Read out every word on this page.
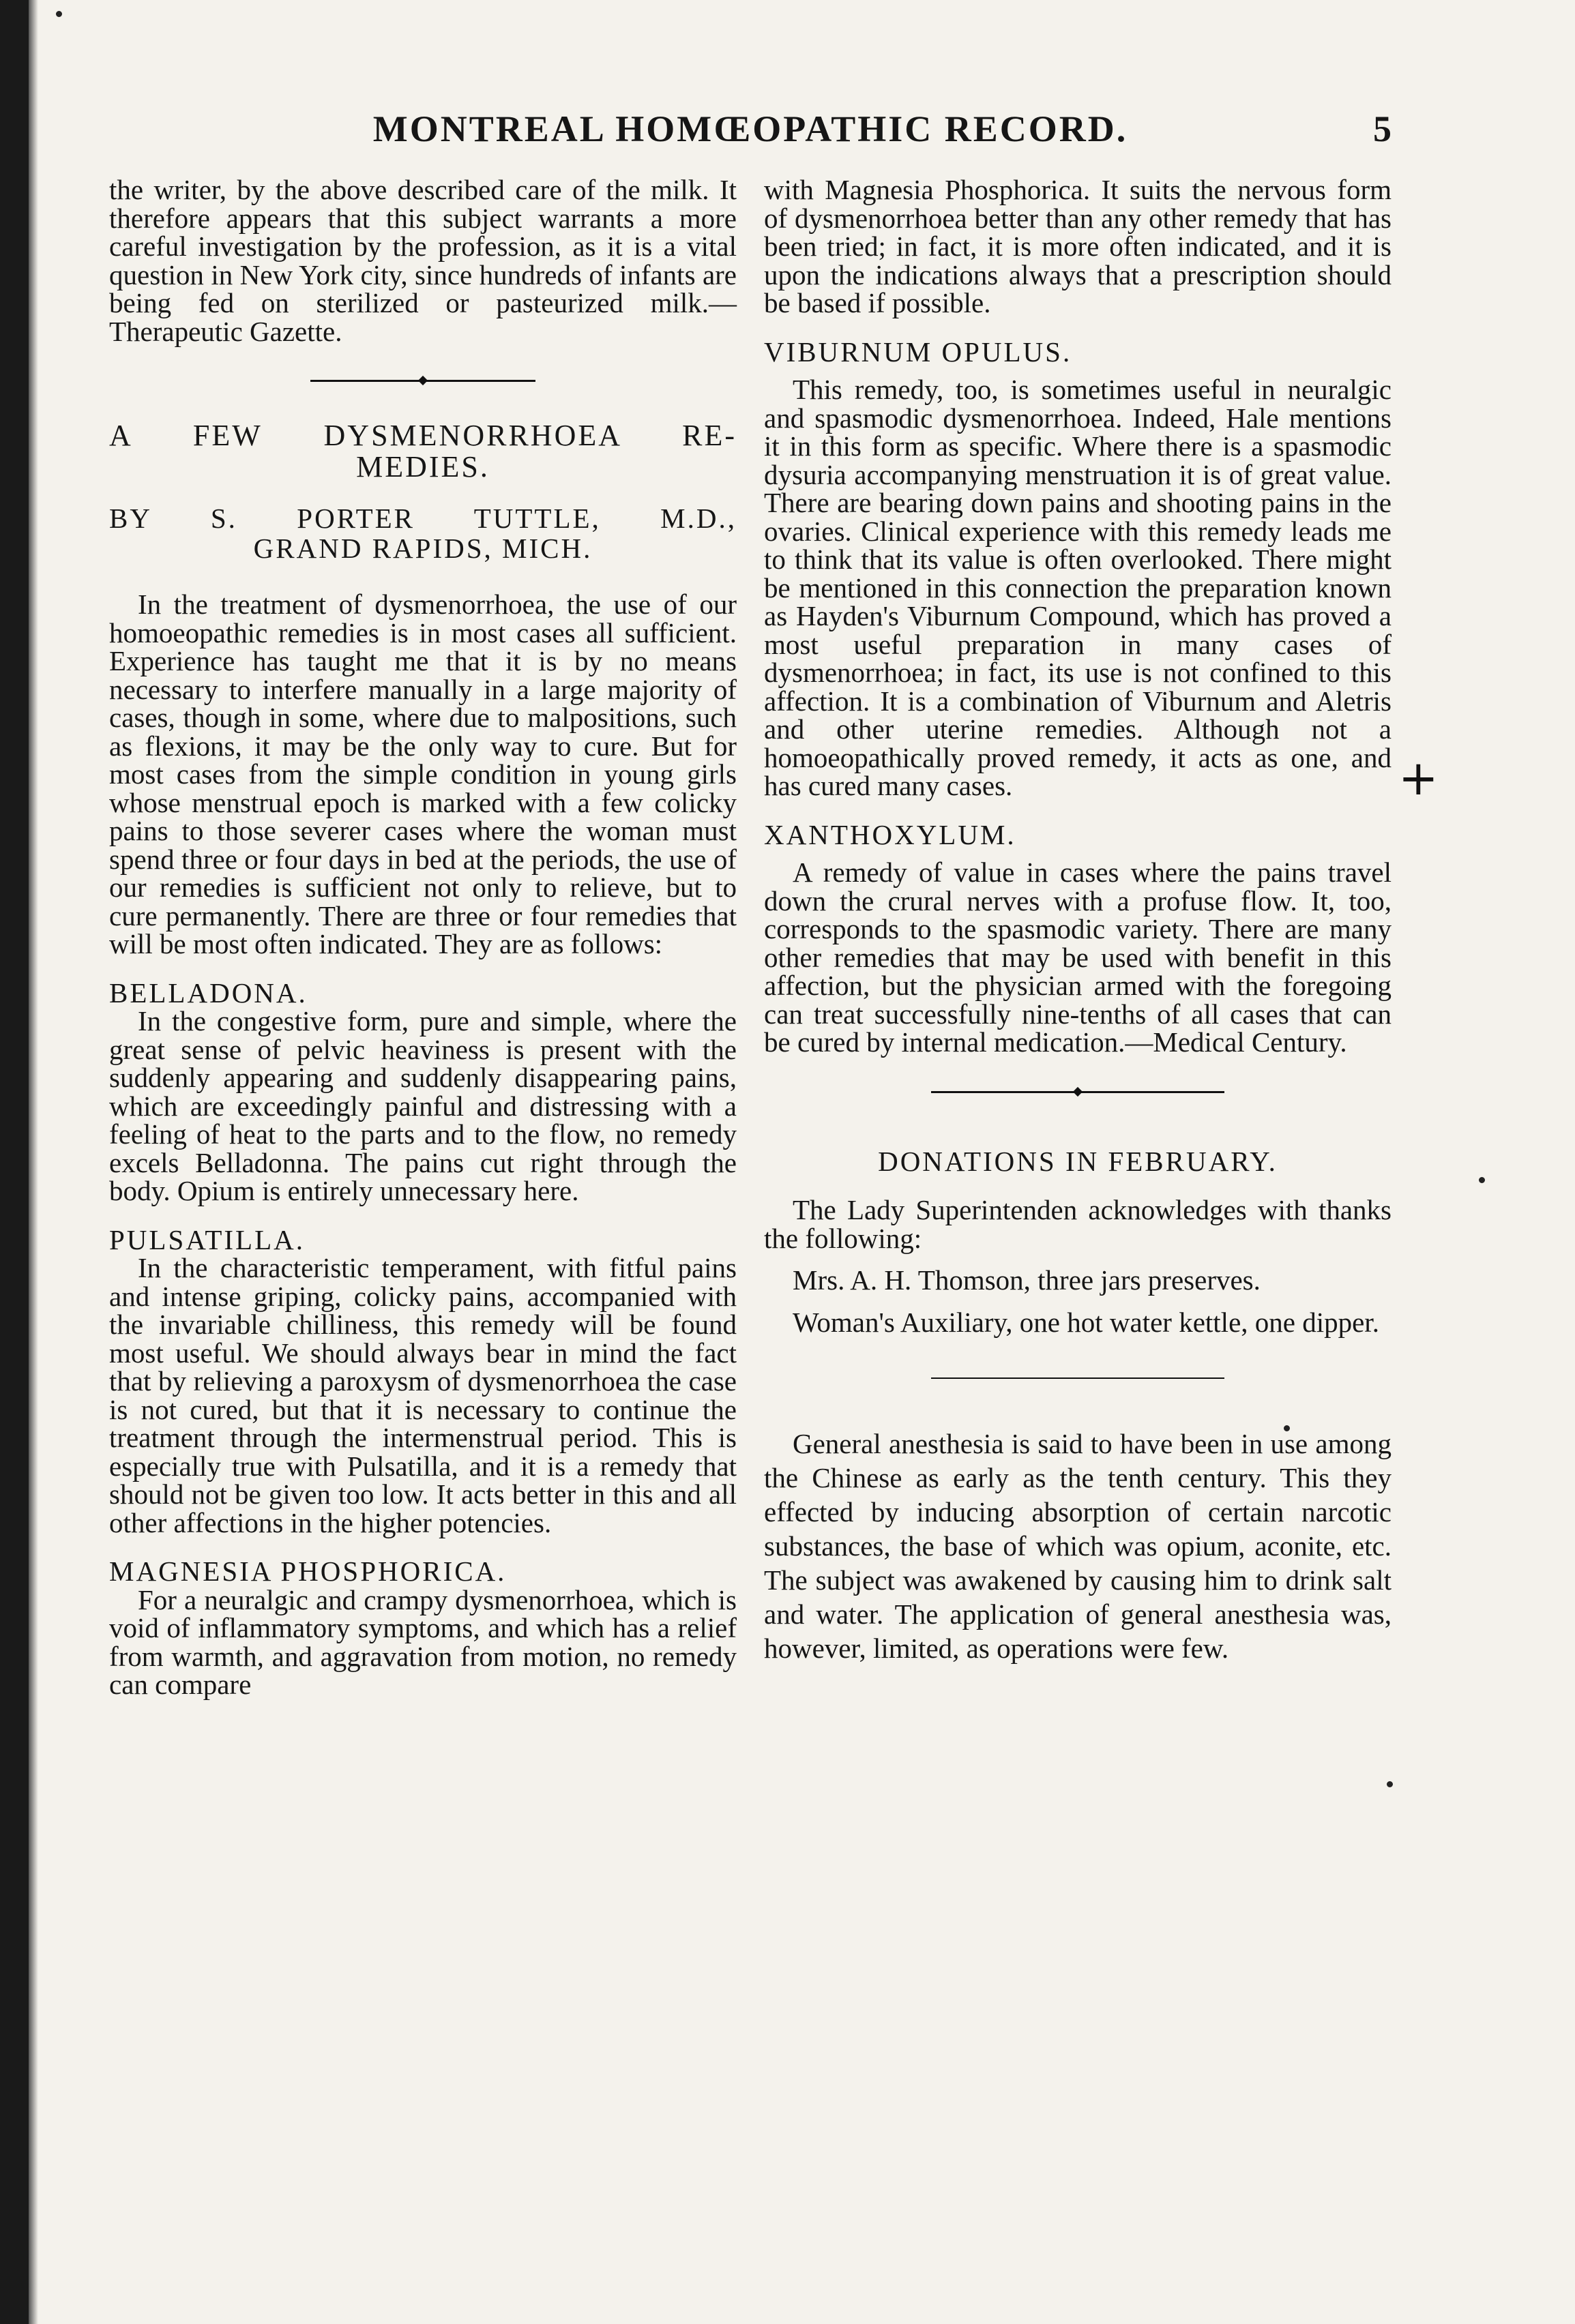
MONTREAL HOMŒOPATHIC RECORD.	5

the writer, by the above described care of the milk. It therefore appears that this subject warrants a more careful investigation by the profession, as it is a vital question in New York city, since hundreds of infants are being fed on sterilized or pasteurized milk.—Therapeutic Gazette.

A FEW DYSMENORRHOEA RE-
MEDIES.
BY S. PORTER TUTTLE, M.D.,
GRAND RAPIDS, MICH.

In the treatment of dysmenorrhoea, the use of our homoeopathic remedies is in most cases all sufficient. Experience has taught me that it is by no means necessary to interfere manually in a large majority of cases, though in some, where due to malpositions, such as flexions, it may be the only way to cure. But for most cases from the simple condition in young girls whose menstrual epoch is marked with a few colicky pains to those severer cases where the woman must spend three or four days in bed at the periods, the use of our remedies is sufficient not only to relieve, but to cure permanently. There are three or four remedies that will be most often indicated. They are as follows:

BELLADONA.

In the congestive form, pure and simple, where the great sense of pelvic heaviness is present with the suddenly appearing and suddenly disappearing pains, which are exceedingly painful and distressing with a feeling of heat to the parts and to the flow, no remedy excels Belladonna. The pains cut right through the body. Opium is entirely unnecessary here.

PULSATILLA.

In the characteristic temperament, with fitful pains and intense griping, colicky pains, accompanied with the invariable chilliness, this remedy will be found most useful. We should always bear in mind the fact that by relieving a paroxysm of dysmenorrhoea the case is not cured, but that it is necessary to continue the treatment through the intermenstrual period. This is especially true with Pulsatilla, and it is a remedy that should not be given too low. It acts better in this and all other affections in the higher potencies.

MAGNESIA PHOSPHORICA.

For a neuralgic and crampy dysmenorrhoea, which is void of inflammatory symptoms, and which has a relief from warmth, and aggravation from motion, no remedy can compare

with Magnesia Phosphorica. It suits the nervous form of dysmenorrhoea better than any other remedy that has been tried; in fact, it is more often indicated, and it is upon the indications always that a prescription should be based if possible.

VIBURNUM OPULUS.

This remedy, too, is sometimes useful in neuralgic and spasmodic dysmenorrhoea. Indeed, Hale mentions it in this form as specific. Where there is a spasmodic dysuria accompanying menstruation it is of great value. There are bearing down pains and shooting pains in the ovaries. Clinical experience with this remedy leads me to think that its value is often overlooked. There might be mentioned in this connection the preparation known as Hayden's Viburnum Compound, which has proved a most useful preparation in many cases of dysmenorrhoea; in fact, its use is not confined to this affection. It is a combination of Viburnum and Aletris and other uterine remedies. Although not a homoeopathically proved remedy, it acts as one, and has cured many cases.

XANTHOXYLUM.

A remedy of value in cases where the pains travel down the crural nerves with a profuse flow. It, too, corresponds to the spasmodic variety. There are many other remedies that may be used with benefit in this affection, but the physician armed with the foregoing can treat successfully nine-tenths of all cases that can be cured by internal medication.—Medical Century.

DONATIONS IN FEBRUARY.

The Lady Superintenden acknowledges with thanks the following:

Mrs. A. H. Thomson, three jars preserves.

Woman's Auxiliary, one hot water kettle, one dipper.

General anesthesia is said to have been in use among the Chinese as early as the tenth century. This they effected by inducing absorption of certain narcotic substances, the base of which was opium, aconite, etc. The subject was awakened by causing him to drink salt and water. The application of general anesthesia was, however, limited, as operations were few.

+
